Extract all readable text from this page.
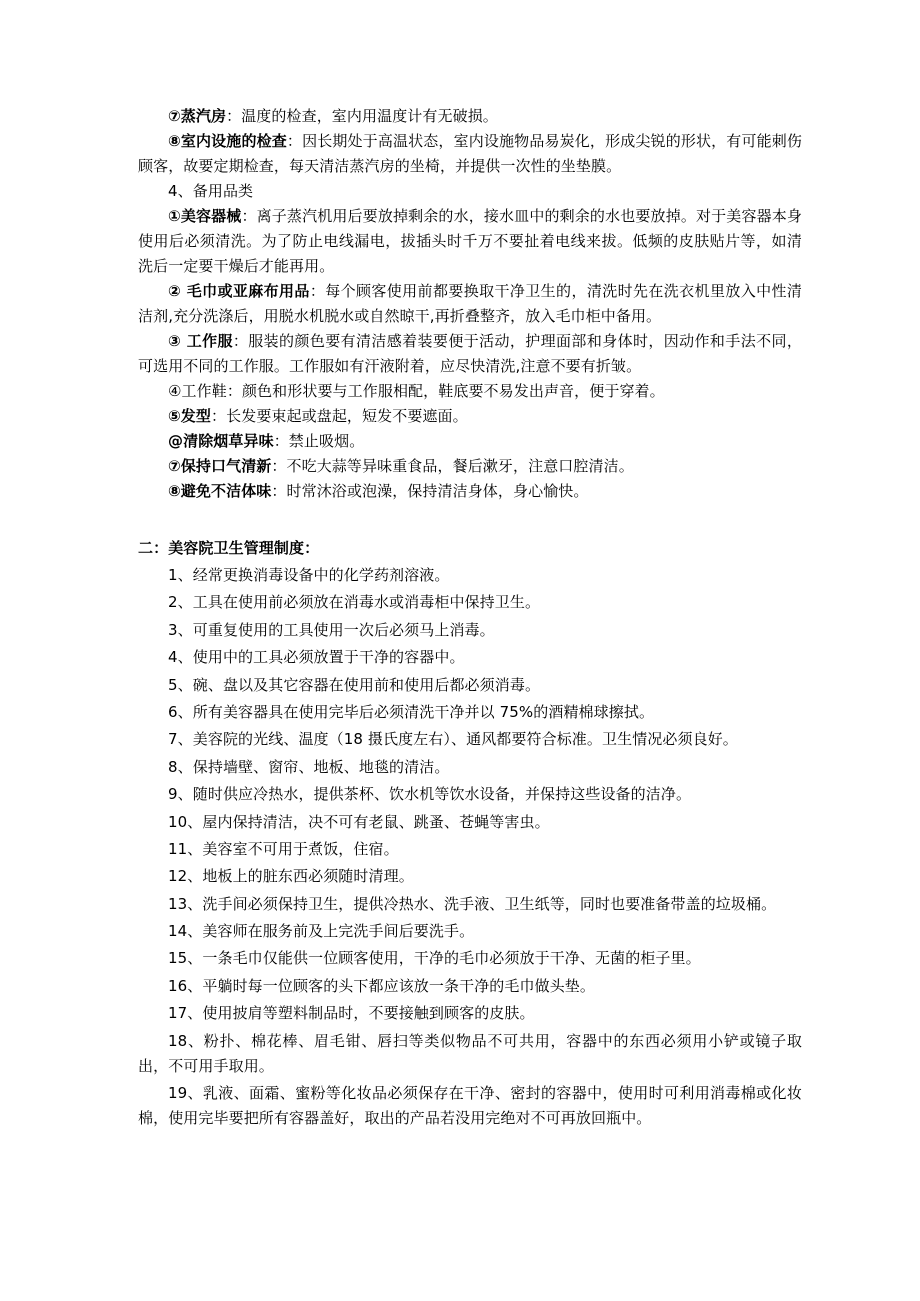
⑦蒸汽房：温度的检查，室内用温度计有无破损。

⑧室内设施的检查：因长期处于高温状态，室内设施物品易炭化，形成尖锐的形状，有可能刺伤顾客，故要定期检查，每天清洁蒸汽房的坐椅，并提供一次性的坐垫膜。

4、备用品类

①美容器械：离子蒸汽机用后要放掉剩余的水，接水皿中的剩余的水也要放掉。对于美容器本身使用后必须清洗。为了防止电线漏电，拔插头时千万不要扯着电线来拔。低频的皮肤贴片等，如清洗后一定要干燥后才能再用。

② 毛巾或亚麻布用品：每个顾客使用前都要换取干净卫生的，清洗时先在洗衣机里放入中性清洁剂,充分洗涤后，用脱水机脱水或自然晾干,再折叠整齐，放入毛巾柜中备用。

③ 工作服：服装的颜色要有清洁感着装要便于活动，护理面部和身体时，因动作和手法不同，可选用不同的工作服。工作服如有汗液附着，应尽快清洗,注意不要有折皱。

④工作鞋：颜色和形状要与工作服相配，鞋底要不易发出声音，便于穿着。

⑤发型：长发要束起或盘起，短发不要遮面。

@清除烟草异味：禁止吸烟。

⑦保持口气清新：不吃大蒜等异味重食品，餐后漱牙，注意口腔清洁。

⑧避免不洁体味：时常沐浴或泡澡，保持清洁身体，身心愉快。

二：美容院卫生管理制度：

1、经常更换消毒设备中的化学药剂溶液。

2、工具在使用前必须放在消毒水或消毒柜中保持卫生。

3、可重复使用的工具使用一次后必须马上消毒。

4、使用中的工具必须放置于干净的容器中。

5、碗、盘以及其它容器在使用前和使用后都必须消毒。

6、所有美容器具在使用完毕后必须清洗干净并以 75%的酒精棉球擦拭。

7、美容院的光线、温度（18 摄氏度左右）、通风都要符合标准。卫生情况必须良好。

8、保持墙壁、窗帘、地板、地毯的清洁。

9、随时供应冷热水，提供茶杯、饮水机等饮水设备，并保持这些设备的洁净。

10、屋内保持清洁，决不可有老鼠、跳蚤、苍蝇等害虫。

11、美容室不可用于煮饭，住宿。

12、地板上的脏东西必须随时清理。

13、洗手间必须保持卫生，提供冷热水、洗手液、卫生纸等，同时也要准备带盖的垃圾桶。

14、美容师在服务前及上完洗手间后要洗手。

15、一条毛巾仅能供一位顾客使用，干净的毛巾必须放于干净、无菌的柜子里。

16、平躺时每一位顾客的头下都应该放一条干净的毛巾做头垫。

17、使用披肩等塑料制品时，不要接触到顾客的皮肤。

18、粉扑、棉花棒、眉毛钳、唇扫等类似物品不可共用，容器中的东西必须用小铲或镜子取出，不可用手取用。

19、乳液、面霜、蜜粉等化妆品必须保存在干净、密封的容器中，使用时可利用消毒棉或化妆棉，使用完毕要把所有容器盖好，取出的产品若没用完绝对不可再放回瓶中。
